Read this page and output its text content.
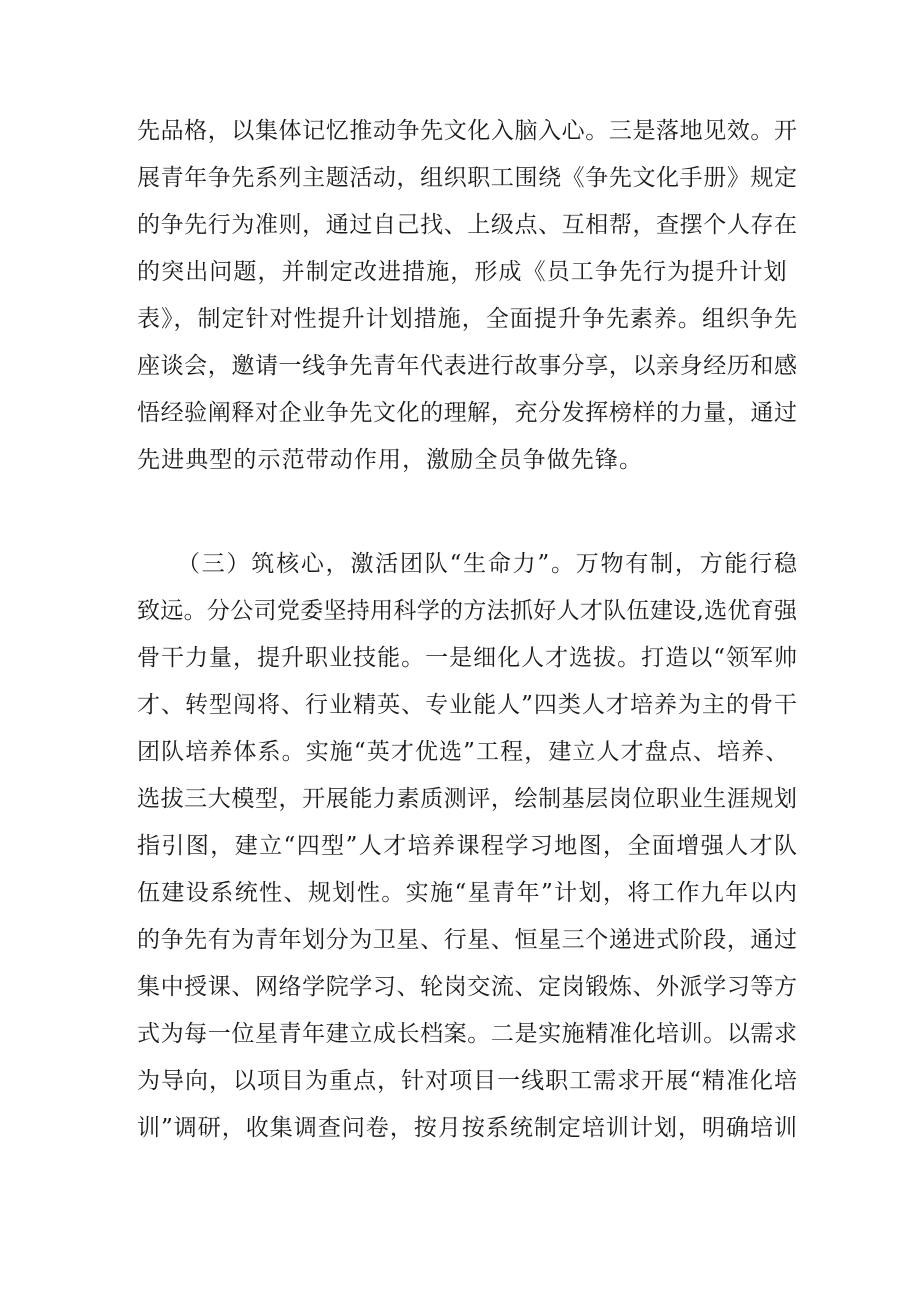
先品格，以集体记忆推动争先文化入脑入心。三是落地见效。开
展青年争先系列主题活动，组织职工围绕《争先文化手册》规定
的争先行为准则，通过自己找、上级点、互相帮，查摆个人存在
的突出问题，并制定改进措施，形成《员工争先行为提升计划
表》，制定针对性提升计划措施，全面提升争先素养。组织争先
座谈会，邀请一线争先青年代表进行故事分享，以亲身经历和感
悟经验阐释对企业争先文化的理解，充分发挥榜样的力量，通过
先进典型的示范带动作用，激励全员争做先锋。
（三）筑核心，激活团队“生命力”。万物有制，方能行稳
致远。分公司党委坚持用科学的方法抓好人才队伍建设,选优育强
骨干力量，提升职业技能。一是细化人才选拔。打造以“领军帅
才、转型闯将、行业精英、专业能人”四类人才培养为主的骨干
团队培养体系。实施“英才优选”工程，建立人才盘点、培养、
选拔三大模型，开展能力素质测评，绘制基层岗位职业生涯规划
指引图，建立“四型”人才培养课程学习地图，全面增强人才队
伍建设系统性、规划性。实施“星青年”计划，将工作九年以内
的争先有为青年划分为卫星、行星、恒星三个递进式阶段，通过
集中授课、网络学院学习、轮岗交流、定岗锻炼、外派学习等方
式为每一位星青年建立成长档案。二是实施精准化培训。以需求
为导向，以项目为重点，针对项目一线职工需求开展“精准化培
训”调研，收集调查问卷，按月按系统制定培训计划，明确培训
